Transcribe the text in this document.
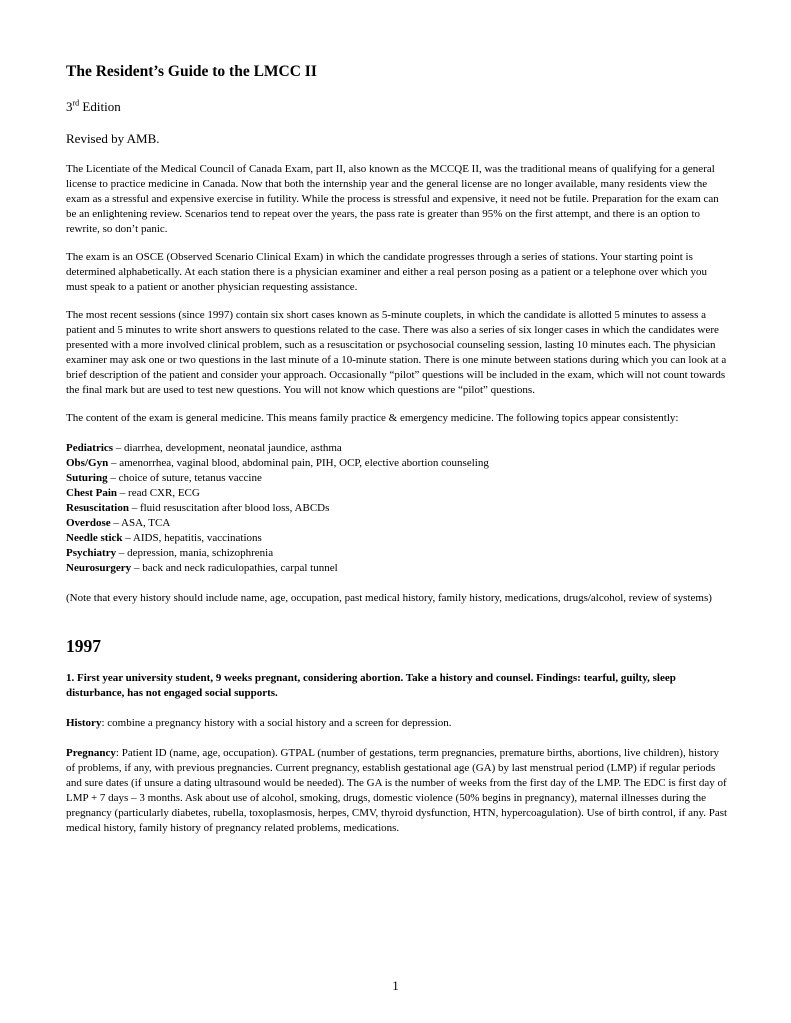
The Resident’s Guide to the LMCC II
3rd Edition
Revised by AMB.

The Licentiate of the Medical Council of Canada Exam, part II, also known as the MCCQE II, was the traditional means of qualifying for a general license to practice medicine in Canada. Now that both the internship year and the general license are no longer available, many residents view the exam as a stressful and expensive exercise in futility. While the process is stressful and expensive, it need not be futile. Preparation for the exam can be an enlightening review. Scenarios tend to repeat over the years, the pass rate is greater than 95% on the first attempt, and there is an option to rewrite, so don’t panic.

The exam is an OSCE (Observed Scenario Clinical Exam) in which the candidate progresses through a series of stations. Your starting point is determined alphabetically. At each station there is a physician examiner and either a real person posing as a patient or a telephone over which you must speak to a patient or another physician requesting assistance.

The most recent sessions (since 1997) contain six short cases known as 5-minute couplets, in which the candidate is allotted 5 minutes to assess a patient and 5 minutes to write short answers to questions related to the case. There was also a series of six longer cases in which the candidates were presented with a more involved clinical problem, such as a resuscitation or psychosocial counseling session, lasting 10 minutes each. The physician examiner may ask one or two questions in the last minute of a 10-minute station. There is one minute between stations during which you can look at a brief description of the patient and consider your approach. Occasionally “pilot” questions will be included in the exam, which will not count towards the final mark but are used to test new questions. You will not know which questions are “pilot” questions.

The content of the exam is general medicine. This means family practice & emergency medicine. The following topics appear consistently:

Pediatrics – diarrhea, development, neonatal jaundice, asthma
Obs/Gyn – amenorrhea, vaginal blood, abdominal pain, PIH, OCP, elective abortion counseling
Suturing – choice of suture, tetanus vaccine
Chest Pain – read CXR, ECG
Resuscitation – fluid resuscitation after blood loss, ABCDs
Overdose – ASA, TCA
Needle stick – AIDS, hepatitis, vaccinations
Psychiatry – depression, mania, schizophrenia
Neurosurgery – back and neck radiculopathies, carpal tunnel

(Note that every history should include name, age, occupation, past medical history, family history, medications, drugs/alcohol, review of systems)

1997

1. First year university student, 9 weeks pregnant, considering abortion. Take a history and counsel. Findings: tearful, guilty, sleep disturbance, has not engaged social supports.

History: combine a pregnancy history with a social history and a screen for depression.

Pregnancy: Patient ID (name, age, occupation). GTPAL (number of gestations, term pregnancies, premature births, abortions, live children), history of problems, if any, with previous pregnancies. Current pregnancy, establish gestational age (GA) by last menstrual period (LMP) if regular periods and sure dates (if unsure a dating ultrasound would be needed). The GA is the number of weeks from the first day of the LMP. The EDC is first day of LMP + 7 days – 3 months. Ask about use of alcohol, smoking, drugs, domestic violence (50% begins in pregnancy), maternal illnesses during the pregnancy (particularly diabetes, rubella, toxoplasmosis, herpes, CMV, thyroid dysfunction, HTN, hypercoagulation). Use of birth control, if any. Past medical history, family history of pregnancy related problems, medications.

1
